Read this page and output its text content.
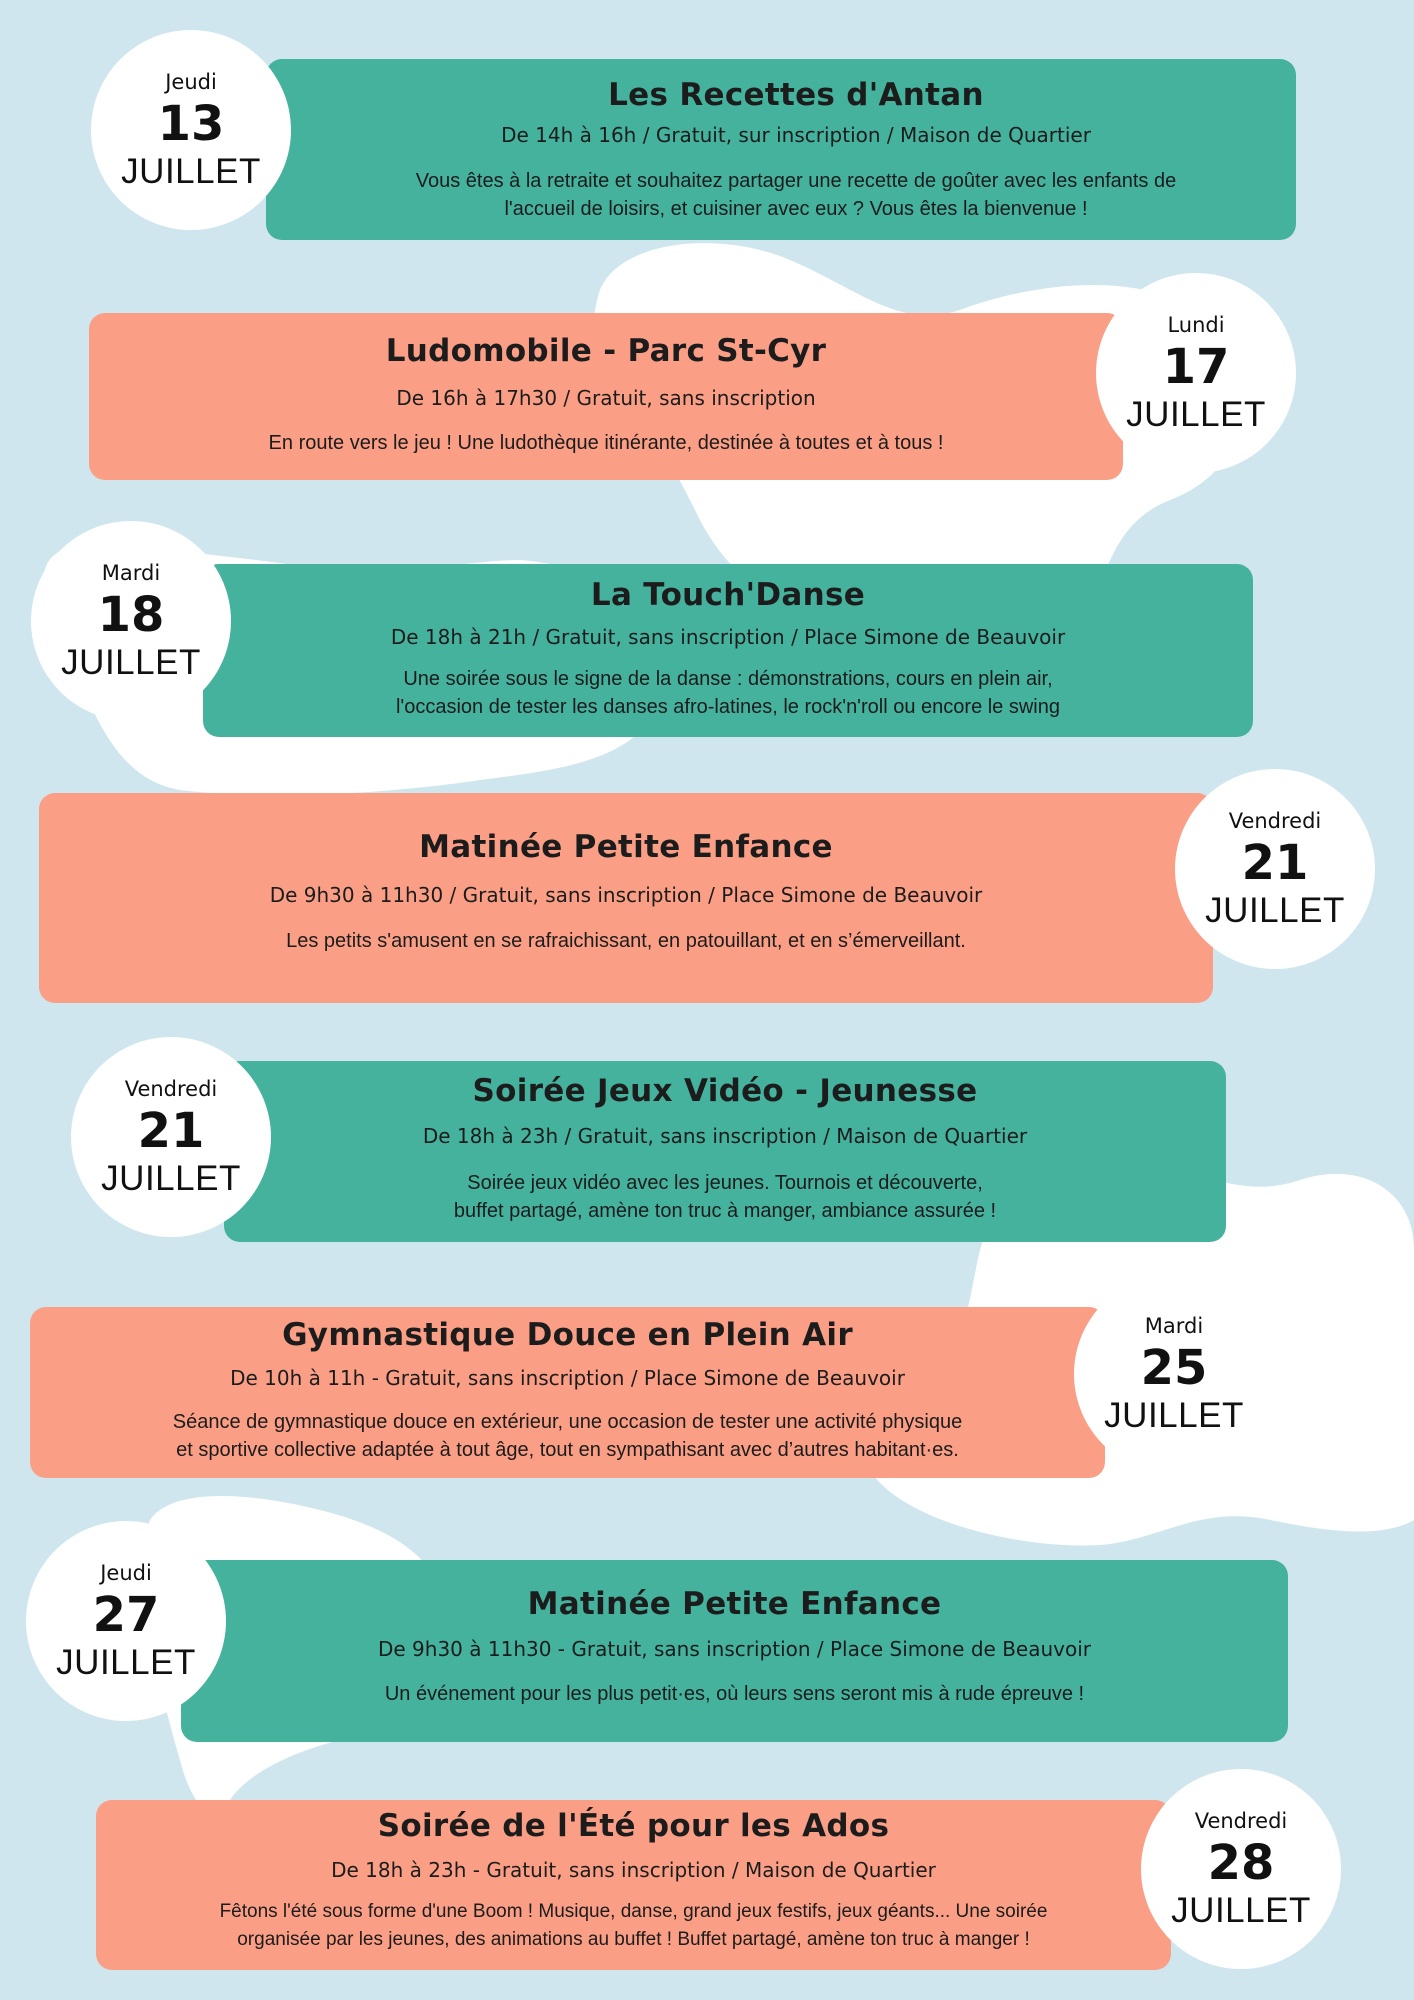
Les Recettes d'Antan
De 14h à 16h / Gratuit, sur inscription / Maison de Quartier
Vous êtes à la retraite et souhaitez partager une recette de goûter avec les enfants de
l'accueil de loisirs, et cuisiner avec eux ? Vous êtes la bienvenue !
Jeudi
13
JUILLET
Ludomobile - Parc St-Cyr
De 16h à 17h30 / Gratuit, sans inscription
En route vers le jeu ! Une ludothèque itinérante, destinée à toutes et à tous !
Lundi
17
JUILLET
La Touch'Danse
De 18h à 21h / Gratuit, sans inscription / Place Simone de Beauvoir
Une soirée sous le signe de la danse : démonstrations, cours en plein air,
l'occasion de tester les danses afro-latines, le rock'n'roll ou encore le swing
Mardi
18
JUILLET
Matinée Petite Enfance
De 9h30 à 11h30 / Gratuit, sans inscription / Place Simone de Beauvoir
Les petits s'amusent en se rafraichissant, en patouillant, et en s’émerveillant.
Vendredi
21
JUILLET
Soirée Jeux Vidéo - Jeunesse
De 18h à 23h / Gratuit, sans inscription / Maison de Quartier
Soirée jeux vidéo avec les jeunes. Tournois et découverte,
buffet partagé, amène ton truc à manger, ambiance assurée !
Vendredi
21
JUILLET
Gymnastique Douce en Plein Air
De 10h à 11h - Gratuit, sans inscription / Place Simone de Beauvoir
Séance de gymnastique douce en extérieur, une occasion de tester une activité physique
et sportive collective adaptée à tout âge, tout en sympathisant avec d’autres habitant·es.
Mardi
25
JUILLET
Matinée Petite Enfance
De 9h30 à 11h30 - Gratuit, sans inscription / Place Simone de Beauvoir
Un événement pour les plus petit·es, où leurs sens seront mis à rude épreuve !
Jeudi
27
JUILLET
Soirée de l'Été pour les Ados
De 18h à 23h - Gratuit, sans inscription / Maison de Quartier
Fêtons l'été sous forme d'une Boom ! Musique, danse, grand jeux festifs, jeux géants... Une soirée
organisée par les jeunes, des animations au buffet ! Buffet partagé, amène ton truc à manger !
Vendredi
28
JUILLET
